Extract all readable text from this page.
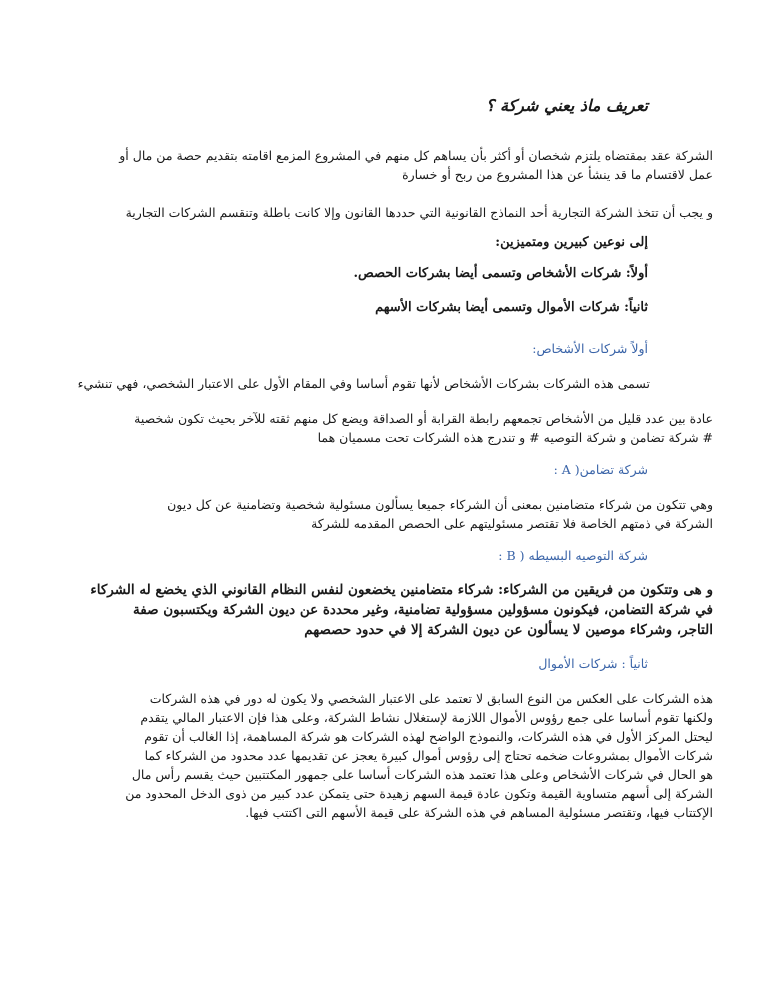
تعريف ماذ يعني شركة ؟
الشركة عقد بمقتضاه يلتزم شخصان أو أكثر بأن يساهم كل منهم في المشروع المزمع اقامته بتقديم حصة من مال أو
عمل لاقتسام ما قد ينشأ عن هذا المشروع من ربح أو خسارة
و يجب أن تتخذ الشركة التجارية أحد النماذج القانونية التي حددها القانون وإلا كانت باطلة وتنقسم الشركات التجارية
إلى نوعين كبيرين ومتميزين:
أولاً: شركات الأشخاص وتسمى أيضا بشركات الحصص.
ثانياً: شركات الأموال وتسمى أيضا بشركات الأسهم
أولاً شركات الأشخاص:
تسمى هذه الشركات بشركات الأشخاص لأنها تقوم أساسا وفي المقام الأول على الاعتبار الشخصي، فهي تنشيء
عادة بين عدد قليل من الأشخاص تجمعهم رابطة القرابة أو الصداقة ويضع كل منهم ثقته للآخر بحيث تكون شخصية
# شركة تضامن و شركة التوصيه # و تندرج هذه الشركات تحت مسميان هما
شركة تضامن( A :
وهي تتكون من شركاء متضامنين بمعنى أن الشركاء جميعا يسألون مسئولية شخصية وتضامنية عن كل ديون
الشركة في ذمتهم الخاصة فلا تقتصر مسئوليتهم على الحصص المقدمه للشركة
شركة التوصيه البسيطه ( B :
و هى وتتكون من فريقين من الشركاء: شركاء متضامنين يخضعون لنفس النظام القانوني الذي يخضع له الشركاء
في شركة التضامن، فيكونون مسؤولين مسؤولية تضامنية، وغير محددة عن ديون الشركة ويكتسبون صفة
التاجر، وشركاء موصين لا يسألون عن ديون الشركة إلا في حدود حصصهم
ثانياً : شركات الأموال
هذه الشركات على العكس من النوع السابق لا تعتمد على الاعتبار الشخصي ولا يكون له دور في هذه الشركات
ولكنها تقوم أساسا على جمع رؤوس الأموال اللازمة لإستغلال نشاط الشركة، وعلى هذا فإن الاعتبار المالي يتقدم
ليحتل المركز الأول في هذه الشركات، والنموذج الواضح لهذه الشركات هو شركة المساهمة، إذا الغالب أن تقوم
شركات الأموال بمشروعات ضخمه تحتاج إلى رؤوس أموال كبيرة يعجز عن تقديمها عدد محدود من الشركاء كما
هو الحال في شركات الأشخاص وعلى هذا تعتمد هذه الشركات أساسا على جمهور المكتتبين حيث يقسم رأس مال
الشركة إلى أسهم متساوية القيمة وتكون عادة قيمة السهم زهيدة حتى يتمكن عدد كبير من ذوى الدخل المحدود من
الإكتتاب فيها، وتقتصر مسئولية المساهم في هذه الشركة على قيمة الأسهم التى اكتتب فيها.
